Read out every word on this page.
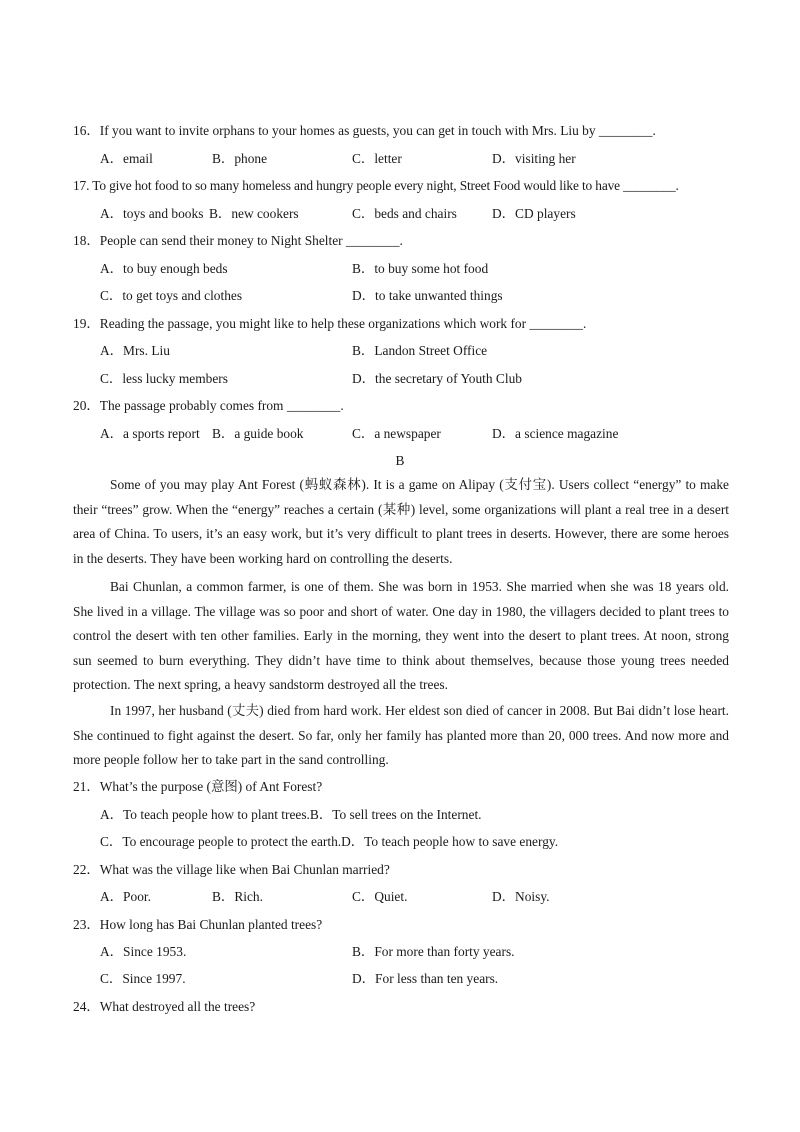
16．If you want to invite orphans to your homes as guests, you can get in touch with Mrs. Liu by ________.
A．email	B．phone	C．letter	D．visiting her
17. To give hot food to so many homeless and hungry people every night, Street Food would like to have ________.
A．toys and books B．new cookers	C．beds and chairs	D．CD players
18．People can send their money to Night Shelter ________.
A．to buy enough beds	B．to buy some hot food
C．to get toys and clothes	D．to take unwanted things
19．Reading the passage, you might like to help these organizations which work for ________.
A．Mrs. Liu	B．Landon Street Office
C．less lucky members	D．the secretary of Youth Club
20．The passage probably comes from ________.
A．a sports report B．a guide book	C．a newspaper	D．a science magazine
B
Some of you may play Ant Forest (蚂蚁森林). It is a game on Alipay (支付宝). Users collect “energy” to make their “trees” grow. When the “energy” reaches a certain (某种) level, some organizations will plant a real tree in a desert area of China. To users, it’s an easy work, but it’s very difficult to plant trees in deserts. However, there are some heroes in the deserts. They have been working hard on controlling the deserts.
Bai Chunlan, a common farmer, is one of them. She was born in 1953. She married when she was 18 years old. She lived in a village. The village was so poor and short of water. One day in 1980, the villagers decided to plant trees to control the desert with ten other families. Early in the morning, they went into the desert to plant trees. At noon, strong sun seemed to burn everything. They didn’t have time to think about themselves, because those young trees needed protection. The next spring, a heavy sandstorm destroyed all the trees.
In 1997, her husband (丈夫) died from hard work. Her eldest son died of cancer in 2008. But Bai didn’t lose heart. She continued to fight against the desert. So far, only her family has planted more than 20, 000 trees. And now more and more people follow her to take part in the sand controlling.
21．What’s the purpose (意图) of Ant Forest?
A．To teach people how to plant trees.B．To sell trees on the Internet.
C．To encourage people to protect the earth.D．To teach people how to save energy.
22．What was the village like when Bai Chunlan married?
A．Poor.	B．Rich.	C．Quiet.	D．Noisy.
23．How long has Bai Chunlan planted trees?
A．Since 1953.	B．For more than forty years.
C．Since 1997.	D．For less than ten years.
24．What destroyed all the trees?
